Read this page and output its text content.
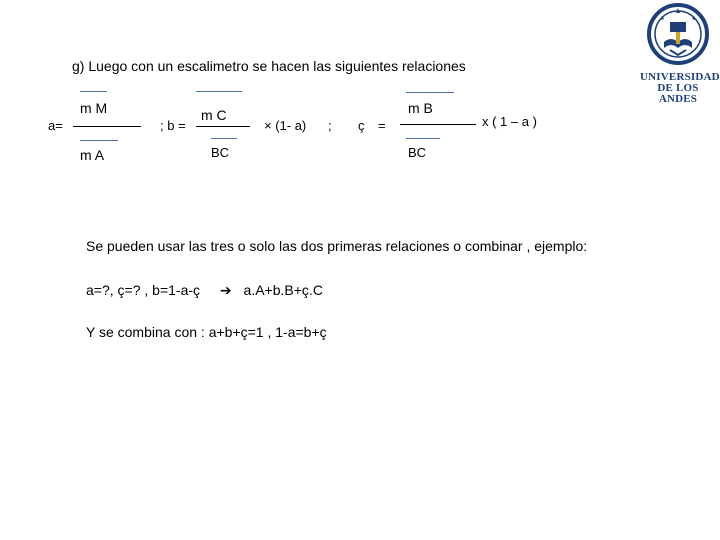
g) Luego con un escalimetro se hacen las siguientes relaciones
m M
a=
m A
; b =
m C
BC
× (1- a) ;
m B
ç =	x ( 1 – a )
BC
Se pueden usar las tres o solo las dos primeras relaciones o combinar , ejemplo:
a=?, ç=? , b=1-a-ç ➔ a.A+b.B+ç.C
Y se combina con : a+b+ç=1 , 1-a=b+ç
UNIVERSIDAD
DE LOS ANDES
